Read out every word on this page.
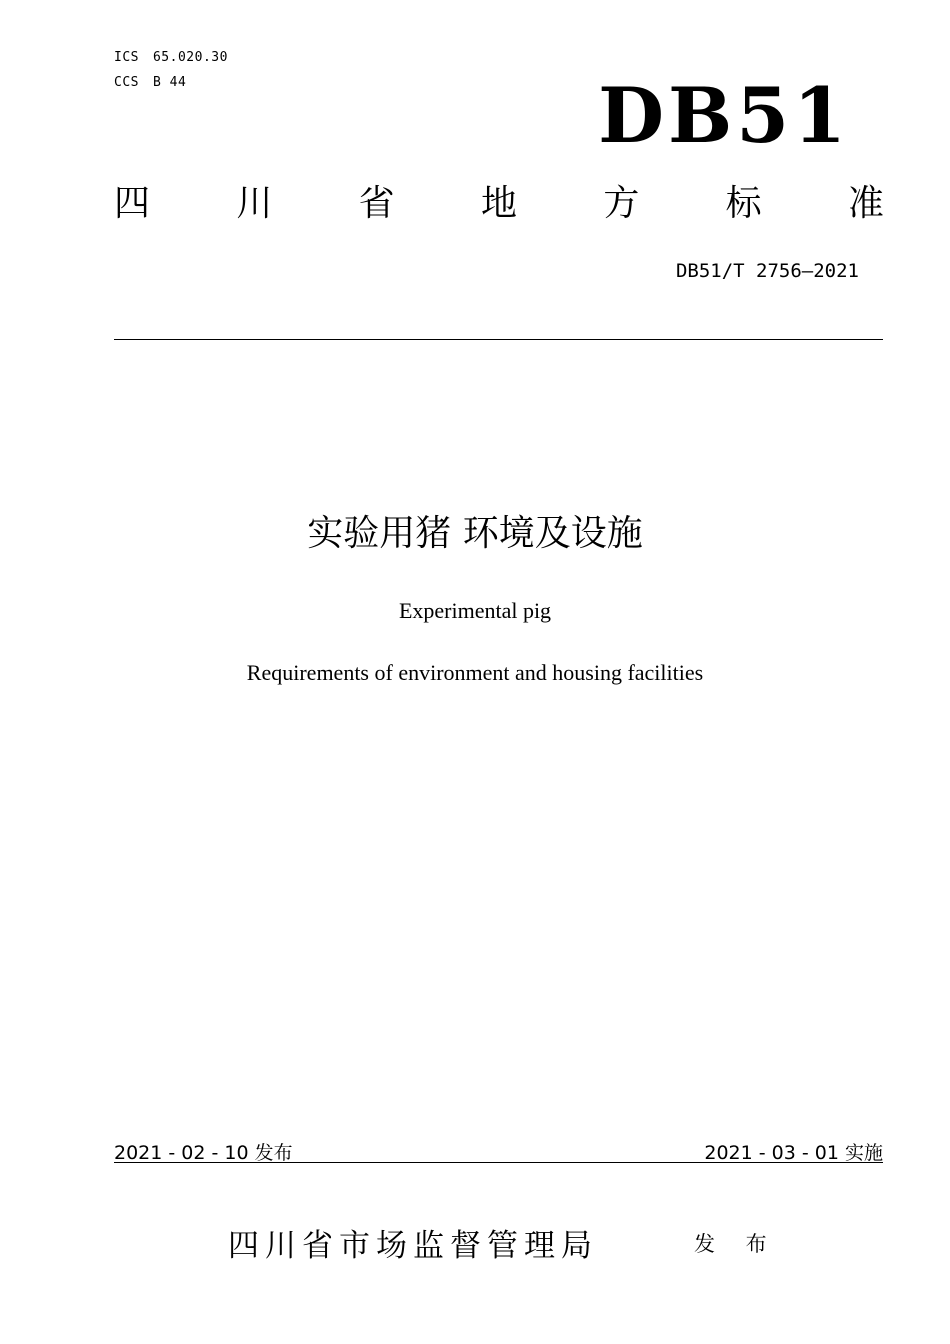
ICS 65.020.30
CCS B 44	DB51
四 川 省 地 方 标 准
DB51/T 2756—2021
实验用猪 环境及设施
Experimental pig
Requirements of environment and housing facilities
2021 - 02 - 10 发布	2021 - 03 - 01 实施
四川省市场监督管理局	发 布
